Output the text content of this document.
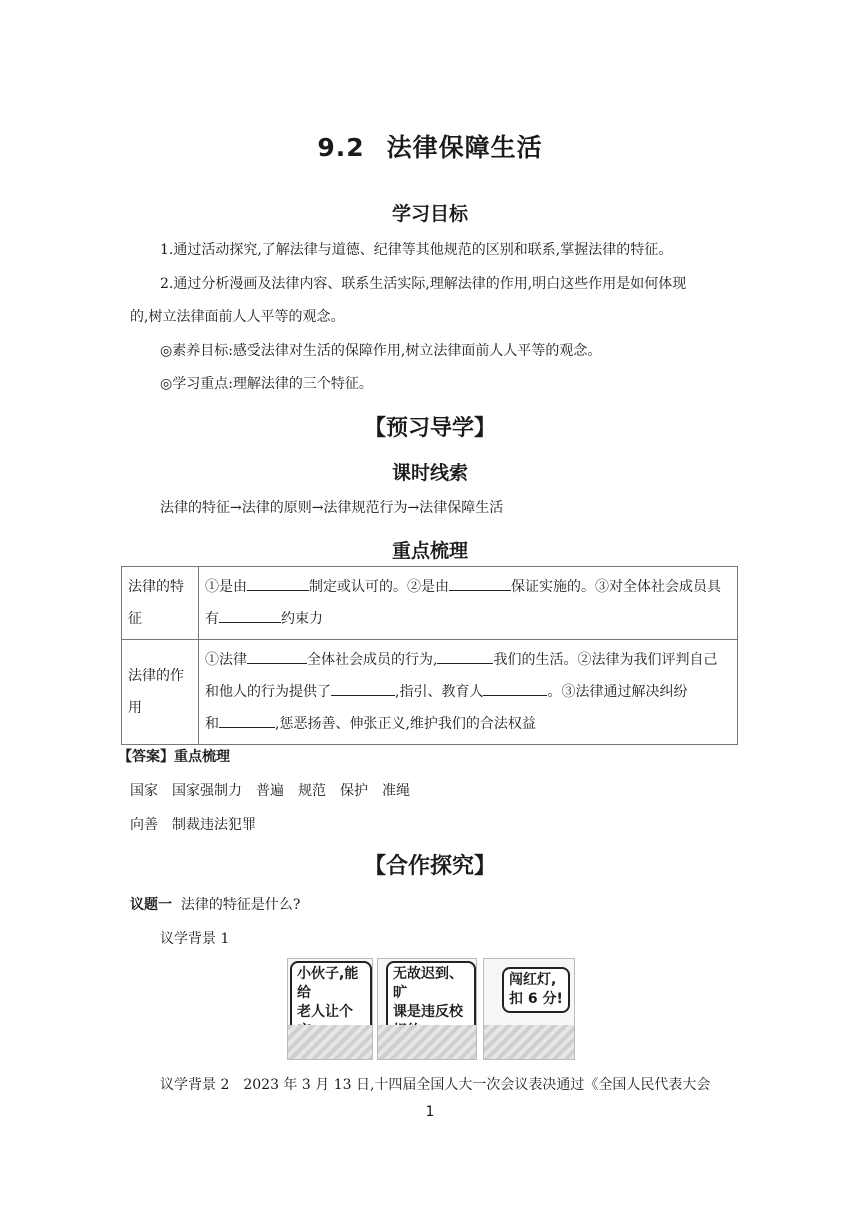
9.2 法律保障生活
学习目标
1.通过活动探究,了解法律与道德、纪律等其他规范的区别和联系,掌握法律的特征。
2.通过分析漫画及法律内容、联系生活实际,理解法律的作用,明白这些作用是如何体现
的,树立法律面前人人平等的观念。
◎素养目标:感受法律对生活的保障作用,树立法律面前人人平等的观念。
◎学习重点:理解法律的三个特征。
【预习导学】
课时线索
法律的特征→法律的原则→法律规范行为→法律保障生活
重点梳理
法律的特
征	①是由 制定或认可的。②是由 保证实施的。③对全体社会成员具
有 约束力
法律的作
用	①法律 全体社会成员的行为, 我们的生活。②法律为我们评判自己
和他人的行为提供了 ,指引、教育人 。③法律通过解决纠纷
和 ,惩恶扬善、伸张正义,维护我们的合法权益
【答案】重点梳理
国家　国家强制力　普遍　规范　保护　准绳
向善　制裁违法犯罪
【合作探究】
议题一 法律的特征是什么?
议学背景 1
小伙子,能给
老人让个

无故迟到、旷
课是违反校

闯红灯,
扣 6 分!
议学背景 2　2023 年 3 月 13 日,十四届全国人大一次会议表决通过《全国人民代表大会
1
